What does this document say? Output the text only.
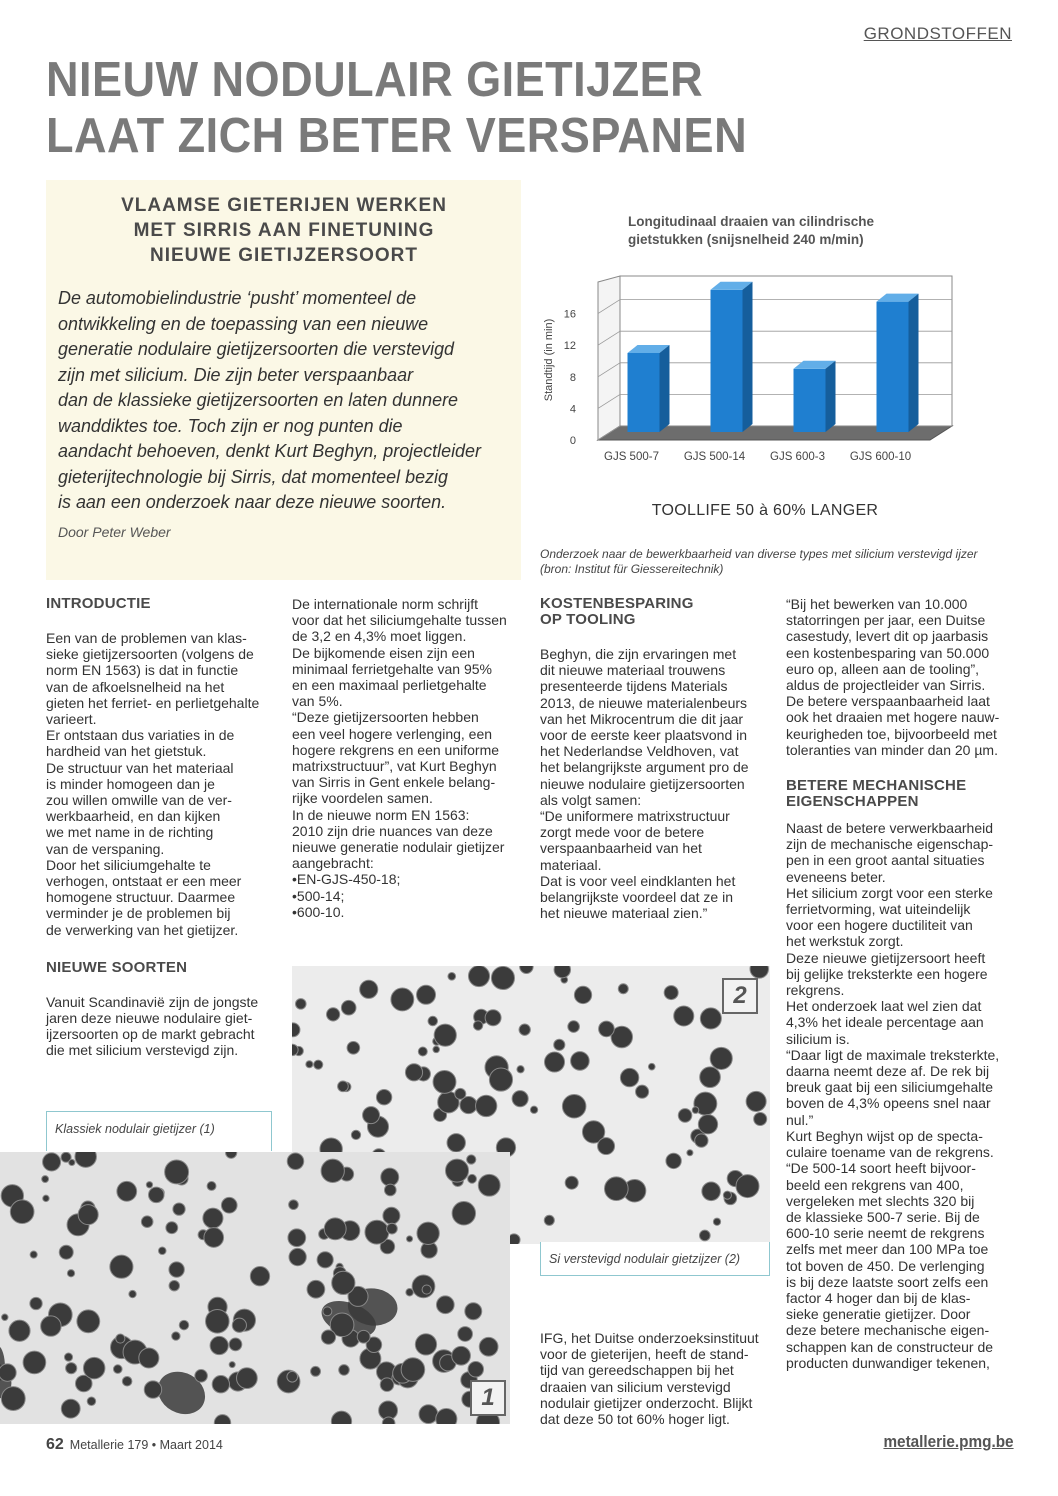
GRONDSTOFFEN
NIEUW NODULAIR GIETIJZER
LAAT ZICH BETER VERSPANEN
VLAAMSE GIETERIJEN WERKEN
MET SIRRIS AAN FINETUNING
NIEUWE GIETIJZERSOORT
De automobielindustrie ‘pusht’ momenteel de
ontwikkeling en de toepassing van een nieuwe
generatie nodulaire gietijzersoorten die verstevigd
zijn met silicium. Die zijn beter verspaanbaar
dan de klassieke gietijzersoorten en laten dunnere
wanddiktes toe. Toch zijn er nog punten die
aandacht behoeven, denkt Kurt Beghyn, projectleider
gieterijtechnologie bij Sirris, dat momenteel bezig
is aan een onderzoek naar deze nieuwe soorten.
Door Peter Weber
Longitudinaal draaien van cilindrische
gietstukken (snijsnelheid 240 m/min)
0
4
8
12
16
Standtijd (in min)
GJS 500-7 GJS 500-14 GJS 600-3 GJS 600-10
TOOLLIFE 50 à 60% LANGER
Onderzoek naar de bewerkbaarheid van diverse types met silicium verstevigd ijzer
(bron: Institut für Giessereitechnik)
INTRODUCTIE
Een van de problemen van klas-
sieke gietijzersoorten (volgens de
norm EN 1563) is dat in functie
van de afkoelsnelheid na het
gieten het ferriet- en perlietgehalte
varieert.
Er ontstaan dus variaties in de
hardheid van het gietstuk.
De structuur van het materiaal
is minder homogeen dan je
zou willen omwille van de ver-
werkbaarheid, en dan kijken
we met name in de richting
van de verspaning.
Door het siliciumgehalte te
verhogen, ontstaat er een meer
homogene structuur. Daarmee
verminder je de problemen bij
de verwerking van het gietijzer.
NIEUWE SOORTEN
Vanuit Scandinavië zijn de jongste
jaren deze nieuwe nodulaire giet-
ijzersoorten op de markt gebracht
die met silicium verstevigd zijn.
De internationale norm schrijft
voor dat het siliciumgehalte tussen
de 3,2 en 4,3% moet liggen.
De bijkomende eisen zijn een
minimaal ferrietgehalte van 95%
en een maximaal perlietgehalte
van 5%.
“Deze gietijzersoorten hebben
een veel hogere verlenging, een
hogere rekgrens en een uniforme
matrixstructuur”, vat Kurt Beghyn
van Sirris in Gent enkele belang-
rijke voordelen samen.
In de nieuwe norm EN 1563:
2010 zijn drie nuances van deze
nieuwe generatie nodulair gietijzer
aangebracht:
•EN-GJS-450-18;
•500-14;
•600-10.
KOSTENBESPARING
OP TOOLING
Beghyn, die zijn ervaringen met
dit nieuwe materiaal trouwens
presenteerde tijdens Materials
2013, de nieuwe materialenbeurs
van het Mikrocentrum die dit jaar
voor de eerste keer plaatsvond in
het Nederlandse Veldhoven, vat
het belangrijkste argument pro de
nieuwe nodulaire gietijzersoorten
als volgt samen:
“De uniformere matrixstructuur
zorgt mede voor de betere
verspaanbaarheid van het
materiaal.
Dat is voor veel eindklanten het
belangrijkste voordeel dat ze in
het nieuwe materiaal zien.”
IFG, het Duitse onderzoeksinstituut
voor de gieterijen, heeft de stand-
tijd van gereedschappen bij het
draaien van silicium verstevigd
nodulair gietijzer onderzocht. Blijkt
dat deze 50 tot 60% hoger ligt.
“Bij het bewerken van 10.000
statorringen per jaar, een Duitse
casestudy, levert dit op jaarbasis
een kostenbesparing van 50.000
euro op, alleen aan de tooling”,
aldus de projectleider van Sirris.
De betere verspaanbaarheid laat
ook het draaien met hogere nauw-
keurigheden toe, bijvoorbeeld met
toleranties van minder dan 20 µm.
BETERE MECHANISCHE
EIGENSCHAPPEN
Naast de betere verwerkbaarheid
zijn de mechanische eigenschap-
pen in een groot aantal situaties
eveneens beter.
Het silicium zorgt voor een sterke
ferrietvorming, wat uiteindelijk
voor een hogere ductiliteit van
het werkstuk zorgt.
Deze nieuwe gietijzersoort heeft
bij gelijke treksterkte een hogere
rekgrens.
Het onderzoek laat wel zien dat
4,3% het ideale percentage aan
silicium is.
“Daar ligt de maximale treksterkte,
daarna neemt deze af. De rek bij
breuk gaat bij een siliciumgehalte
boven de 4,3% opeens snel naar
nul.”
Kurt Beghyn wijst op de specta-
culaire toename van de rekgrens.
“De 500-14 soort heeft bijvoor-
beeld een rekgrens van 400,
vergeleken met slechts 320 bij
de klassieke 500-7 serie. Bij de
600-10 serie neemt de rekgrens
zelfs met meer dan 100 MPa toe
tot boven de 450. De verlenging
is bij deze laatste soort zelfs een
factor 4 hoger dan bij de klas-
sieke generatie gietijzer. Door
deze betere mechanische eigen-
schappen kan de constructeur de
producten dunwandiger tekenen,
2
Klassiek nodulair gietijzer (1)
1
Si verstevigd nodulair gietzijzer (2)
62 Metallerie 179 • Maart 2014	metallerie.pmg.be
